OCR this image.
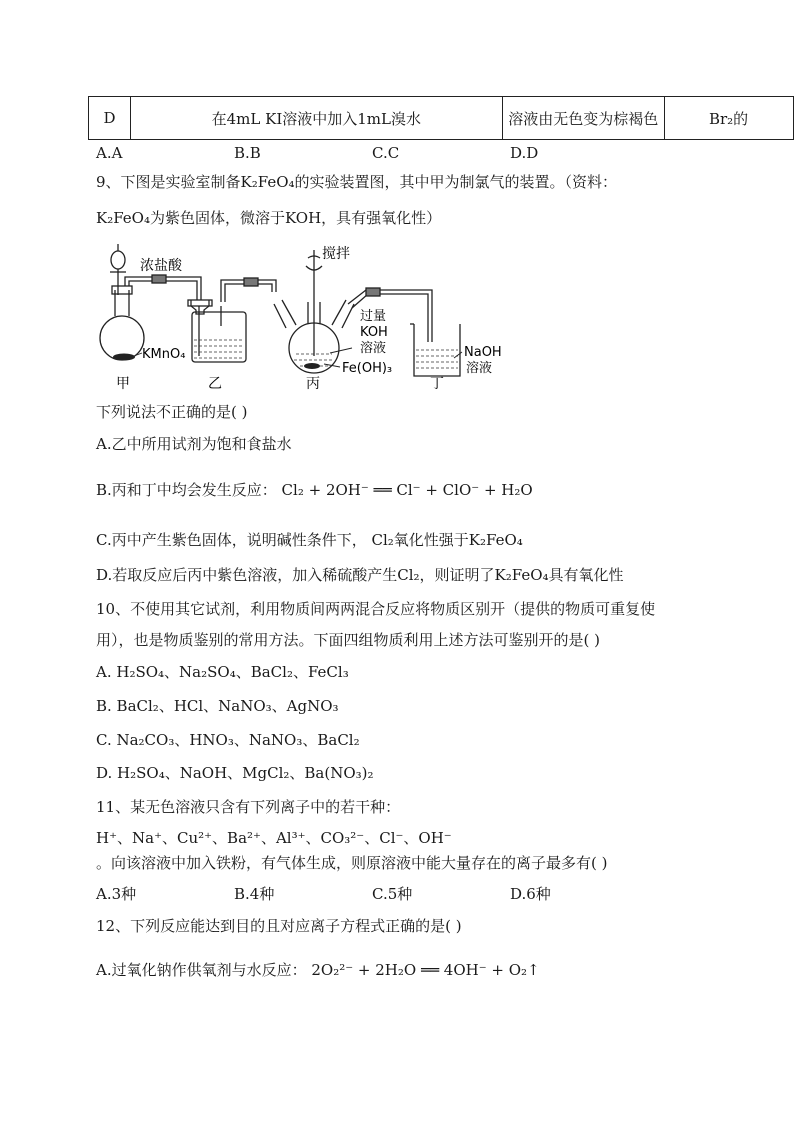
D	在4mL KI溶液中加入1mL溴水	溶液由无色变为棕褐色	Br₂的
A.A	B.B	C.C	D.D
9、下图是实验室制备K₂FeO₄的实验装置图，其中甲为制氯气的装置。（资料：
K₂FeO₄为紫色固体，微溶于KOH，具有强氧化性）
浓盐酸
KMnO₄
搅拌
过量
KOH
溶液
Fe(OH)₃
NaOH
溶液
甲	乙	丙	丁
下列说法不正确的是( )
A.乙中所用试剂为饱和食盐水
B.丙和丁中均会发生反应： Cl₂ + 2OH⁻ ══ Cl⁻ + ClO⁻ + H₂O
C.丙中产生紫色固体，说明碱性条件下， Cl₂氧化性强于K₂FeO₄
D.若取反应后丙中紫色溶液，加入稀硫酸产生Cl₂，则证明了K₂FeO₄具有氧化性
10、不使用其它试剂，利用物质间两两混合反应将物质区别开（提供的物质可重复使
用），也是物质鉴别的常用方法。下面四组物质利用上述方法可鉴别开的是( )
A. H₂SO₄、Na₂SO₄、BaCl₂、FeCl₃
B. BaCl₂、HCl、NaNO₃、AgNO₃
C. Na₂CO₃、HNO₃、NaNO₃、BaCl₂
D. H₂SO₄、NaOH、MgCl₂、Ba(NO₃)₂
11、某无色溶液只含有下列离子中的若干种：
H⁺、Na⁺、Cu²⁺、Ba²⁺、Al³⁺、CO₃²⁻、Cl⁻、OH⁻
。向该溶液中加入铁粉，有气体生成，则原溶液中能大量存在的离子最多有( )
A.3种	B.4种	C.5种	D.6种
12、下列反应能达到目的且对应离子方程式正确的是( )
A.过氧化钠作供氧剂与水反应： 2O₂²⁻ + 2H₂O ══ 4OH⁻ + O₂↑
